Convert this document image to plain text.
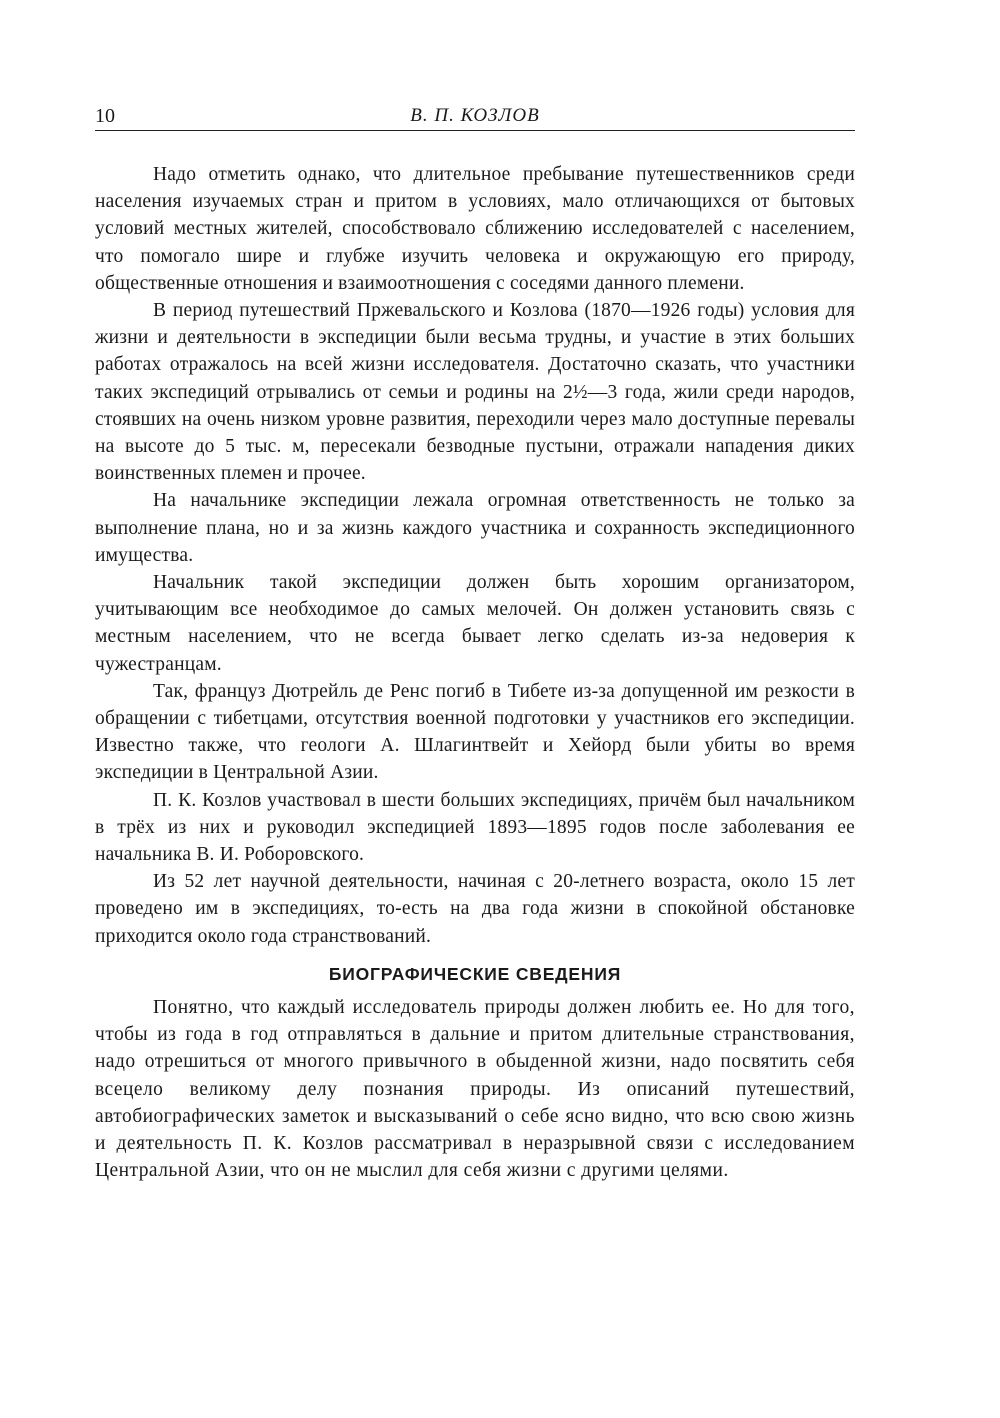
10	В. П. КОЗЛОВ

Надо отметить однако, что длительное пребывание путешественников среди населения изучаемых стран и притом в условиях, мало отличающихся от бытовых условий местных жителей, способствовало сближению исследователей с населением, что помогало шире и глубже изучить человека и окружающую его природу, общественные отношения и взаимоотношения с соседями данного племени.

В период путешествий Пржевальского и Козлова (1870—1926 годы) условия для жизни и деятельности в экспедиции были весьма трудны, и участие в этих больших работах отражалось на всей жизни исследователя. Достаточно сказать, что участники таких экспедиций отрывались от семьи и родины на 2½—3 года, жили среди народов, стоявших на очень низком уровне развития, переходили через мало доступные перевалы на высоте до 5 тыс. м, пересекали безводные пустыни, отражали нападения диких воинственных племен и прочее.

На начальнике экспедиции лежала огромная ответственность не только за выполнение плана, но и за жизнь каждого участника и сохранность экспедиционного имущества.

Начальник такой экспедиции должен быть хорошим организатором, учитывающим все необходимое до самых мелочей. Он должен установить связь с местным населением, что не всегда бывает легко сделать из-за недоверия к чужестранцам.

Так, француз Дютрейль де Ренс погиб в Тибете из-за допущенной им резкости в обращении с тибетцами, отсутствия военной подготовки у участников его экспедиции. Известно также, что геологи А. Шлагинтвейт и Хейорд были убиты во время экспедиции в Центральной Азии.

П. К. Козлов участвовал в шести больших экспедициях, причём был начальником в трёх из них и руководил экспедицией 1893—1895 годов после заболевания ее начальника В. И. Роборовского.

Из 52 лет научной деятельности, начиная с 20-летнего возраста, около 15 лет проведено им в экспедициях, то-есть на два года жизни в спокойной обстановке приходится около года странствований.

БИОГРАФИЧЕСКИЕ СВЕДЕНИЯ

Понятно, что каждый исследователь природы должен любить ее. Но для того, чтобы из года в год отправляться в дальние и притом длительные странствования, надо отрешиться от многого привычного в обыденной жизни, надо посвятить себя всецело великому делу познания природы. Из описаний путешествий, автобиографических заметок и высказываний о себе ясно видно, что всю свою жизнь и деятельность П. К. Козлов рассматривал в неразрывной связи с исследованием Центральной Азии, что он не мыслил для себя жизни с другими целями.
